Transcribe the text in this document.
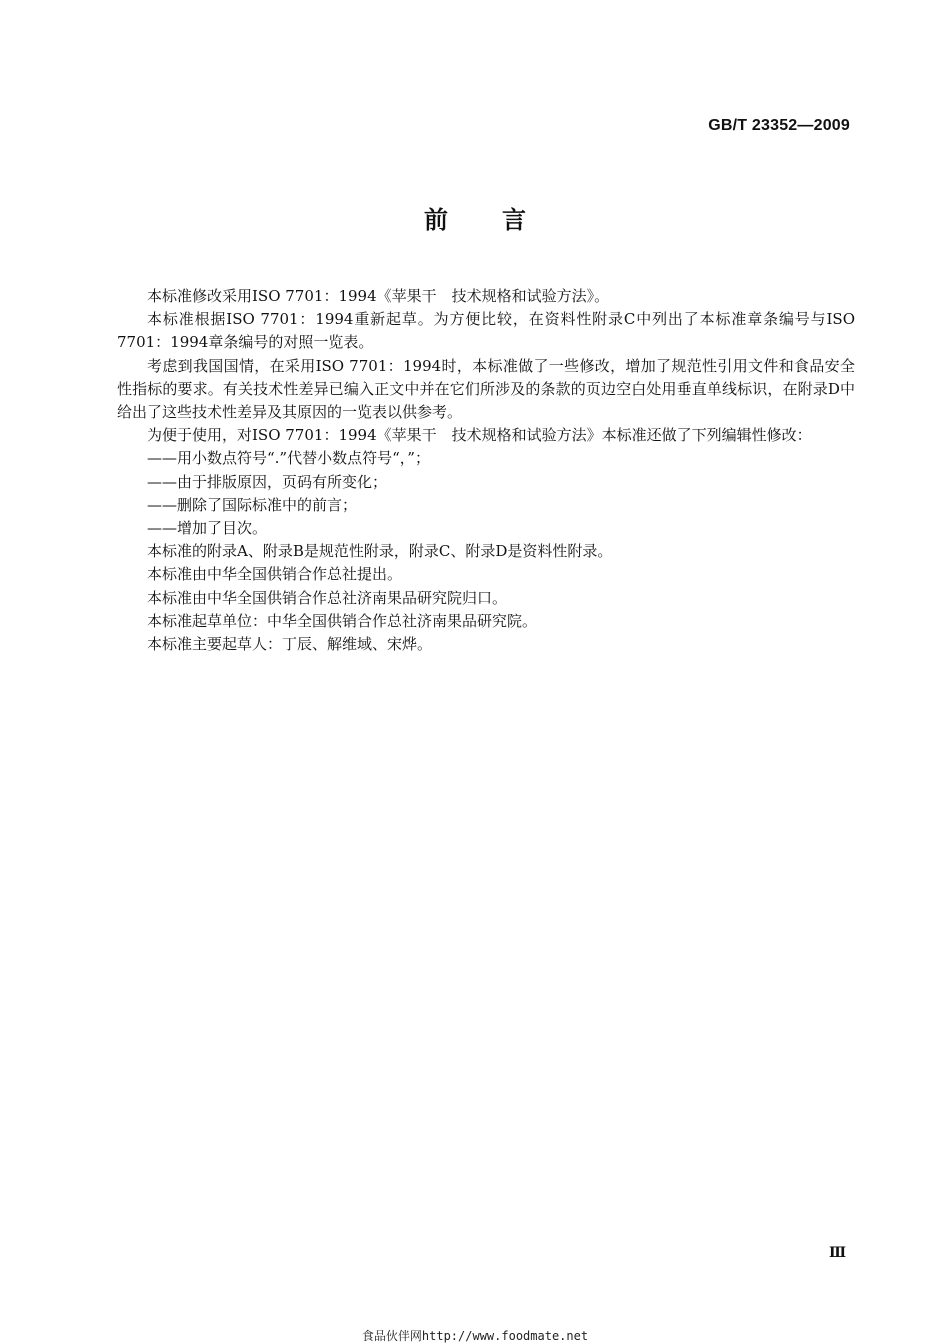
GB/T 23352—2009
前 言

本标准修改采用ISO 7701：1994《苹果干　技术规格和试验方法》。

本标准根据ISO 7701：1994重新起草。为方便比较，在资料性附录C中列出了本标准章条编号与ISO 7701：1994章条编号的对照一览表。

考虑到我国国情，在采用ISO 7701：1994时，本标准做了一些修改，增加了规范性引用文件和食品安全性指标的要求。有关技术性差异已编入正文中并在它们所涉及的条款的页边空白处用垂直单线标识，在附录D中给出了这些技术性差异及其原因的一览表以供参考。

为便于使用，对ISO 7701：1994《苹果干　技术规格和试验方法》本标准还做了下列编辑性修改：

——用小数点符号“.”代替小数点符号“，”；

——由于排版原因，页码有所变化；

——删除了国际标准中的前言；

——增加了目次。

本标准的附录A、附录B是规范性附录，附录C、附录D是资料性附录。

本标准由中华全国供销合作总社提出。

本标准由中华全国供销合作总社济南果品研究院归口。

本标准起草单位：中华全国供销合作总社济南果品研究院。

本标准主要起草人：丁辰、解维域、宋烨。

Ⅲ
食品伙伴网http://www.foodmate.net
